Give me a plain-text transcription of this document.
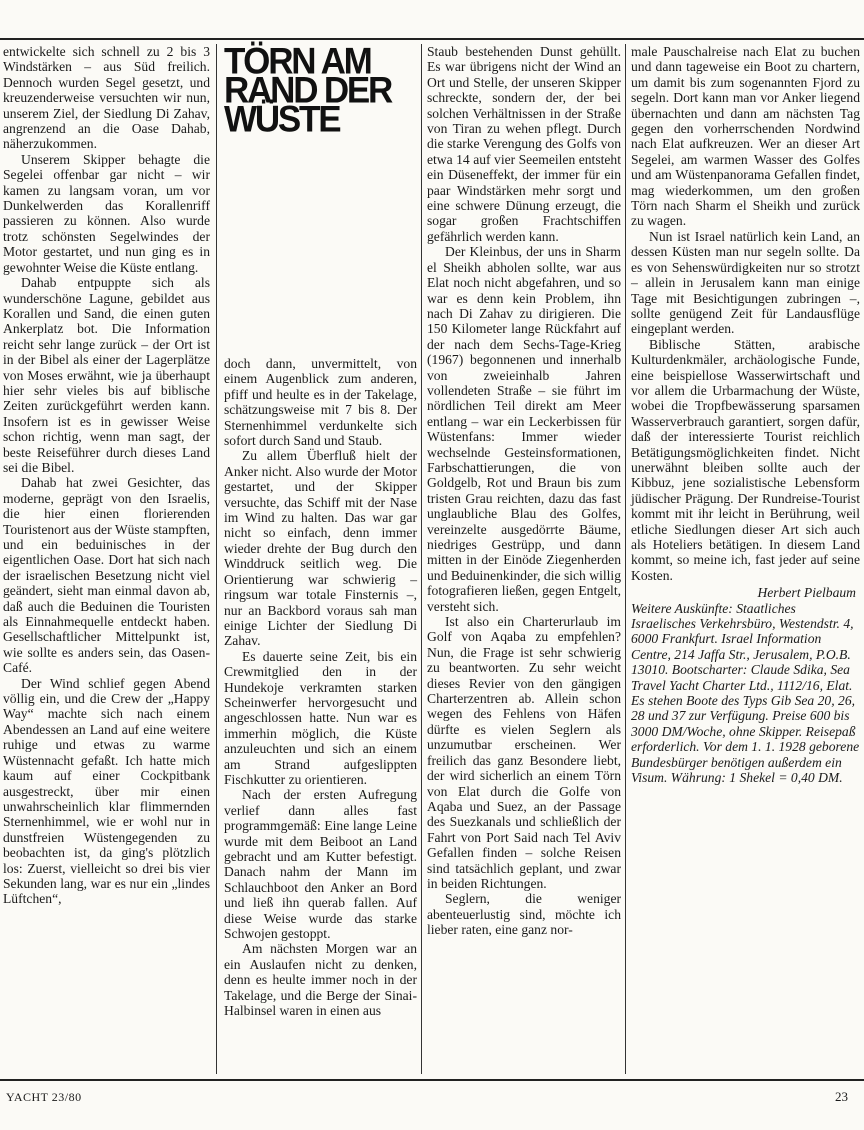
TÖRN AM
RAND DER
WÜSTE

entwickelte sich schnell zu 2 bis 3 Windstärken – aus Süd freilich. Dennoch wurden Segel gesetzt, und kreuzenderweise versuchten wir nun, unserem Ziel, der Siedlung Di Zahav, angrenzend an die Oase Dahab, näherzukommen.

Unserem Skipper behagte die Segelei offenbar gar nicht – wir kamen zu langsam voran, um vor Dunkelwerden das Korallenriff passieren zu können. Also wurde trotz schönsten Segelwindes der Motor gestartet, und nun ging es in gewohnter Weise die Küste entlang.

Dahab entpuppte sich als wunderschöne Lagune, gebildet aus Korallen und Sand, die einen guten Ankerplatz bot. Die Information reicht sehr lange zurück – der Ort ist in der Bibel als einer der Lagerplätze von Moses erwähnt, wie ja überhaupt hier sehr vieles bis auf biblische Zeiten zurückgeführt werden kann. Insofern ist es in gewisser Weise schon richtig, wenn man sagt, der beste Reiseführer durch dieses Land sei die Bibel.

Dahab hat zwei Gesichter, das moderne, geprägt von den Israelis, die hier einen florierenden Touristenort aus der Wüste stampften, und ein beduinisches in der eigentlichen Oase. Dort hat sich nach der israelischen Besetzung nicht viel geändert, sieht man einmal davon ab, daß auch die Beduinen die Touristen als Einnahmequelle entdeckt haben. Gesellschaftlicher Mittelpunkt ist, wie sollte es anders sein, das Oasen-Café.

Der Wind schlief gegen Abend völlig ein, und die Crew der „Happy Way“ machte sich nach einem Abendessen an Land auf eine weitere ruhige und etwas zu warme Wüstennacht gefaßt. Ich hatte mich kaum auf einer Cockpitbank ausgestreckt, über mir einen unwahrscheinlich klar flimmernden Sternenhimmel, wie er wohl nur in dunstfreien Wüstengegenden zu beobachten ist, da ging's plötzlich los: Zuerst, vielleicht so drei bis vier Sekunden lang, war es nur ein „lindes Lüftchen“,

doch dann, unvermittelt, von einem Augenblick zum anderen, pfiff und heulte es in der Takelage, schätzungsweise mit 7 bis 8. Der Sternenhimmel verdunkelte sich sofort durch Sand und Staub.

Zu allem Überfluß hielt der Anker nicht. Also wurde der Motor gestartet, und der Skipper versuchte, das Schiff mit der Nase im Wind zu halten. Das war gar nicht so einfach, denn immer wieder drehte der Bug durch den Winddruck seitlich weg. Die Orientierung war schwierig – ringsum war totale Finsternis –, nur an Backbord voraus sah man einige Lichter der Siedlung Di Zahav.

Es dauerte seine Zeit, bis ein Crewmitglied den in der Hundekoje verkramten starken Scheinwerfer hervorgesucht und angeschlossen hatte. Nun war es immerhin möglich, die Küste anzuleuchten und sich an einem am Strand aufgeslippten Fischkutter zu orientieren.

Nach der ersten Aufregung verlief dann alles fast programmgemäß: Eine lange Leine wurde mit dem Beiboot an Land gebracht und am Kutter befestigt. Danach nahm der Mann im Schlauchboot den Anker an Bord und ließ ihn querab fallen. Auf diese Weise wurde das starke Schwojen gestoppt.

Am nächsten Morgen war an ein Auslaufen nicht zu denken, denn es heulte immer noch in der Takelage, und die Berge der Sinai-Halbinsel waren in einen aus

Staub bestehenden Dunst gehüllt. Es war übrigens nicht der Wind an Ort und Stelle, der unseren Skipper schreckte, sondern der, der bei solchen Verhältnissen in der Straße von Tiran zu wehen pflegt. Durch die starke Verengung des Golfs von etwa 14 auf vier Seemeilen entsteht ein Düseneffekt, der immer für ein paar Windstärken mehr sorgt und eine schwere Dünung erzeugt, die sogar großen Frachtschiffen gefährlich werden kann.

Der Kleinbus, der uns in Sharm el Sheikh abholen sollte, war aus Elat noch nicht abgefahren, und so war es denn kein Problem, ihn nach Di Zahav zu dirigieren. Die 150 Kilometer lange Rückfahrt auf der nach dem Sechs-Tage-Krieg (1967) begonnenen und innerhalb von zweieinhalb Jahren vollendeten Straße – sie führt im nördlichen Teil direkt am Meer entlang – war ein Leckerbissen für Wüstenfans: Immer wieder wechselnde Gesteinsformationen, Farbschattierungen, die von Goldgelb, Rot und Braun bis zum tristen Grau reichten, dazu das fast unglaubliche Blau des Golfes, vereinzelte ausgedörrte Bäume, niedriges Gestrüpp, und dann mitten in der Einöde Ziegenherden und Beduinenkinder, die sich willig fotografieren ließen, gegen Entgelt, versteht sich.

Ist also ein Charterurlaub im Golf von Aqaba zu empfehlen? Nun, die Frage ist sehr schwierig zu beantworten. Zu sehr weicht dieses Revier von den gängigen Charterzentren ab. Allein schon wegen des Fehlens von Häfen dürfte es vielen Seglern als unzumutbar erscheinen. Wer freilich das ganz Besondere liebt, der wird sicherlich an einem Törn von Elat durch die Golfe von Aqaba und Suez, an der Passage des Suezkanals und schließlich der Fahrt von Port Said nach Tel Aviv Gefallen finden – solche Reisen sind tatsächlich geplant, und zwar in beiden Richtungen.

Seglern, die weniger abenteuerlustig sind, möchte ich lieber raten, eine ganz nor-

male Pauschalreise nach Elat zu buchen und dann tageweise ein Boot zu chartern, um damit bis zum sogenannten Fjord zu segeln. Dort kann man vor Anker liegend übernachten und dann am nächsten Tag gegen den vorherrschenden Nordwind nach Elat aufkreuzen. Wer an dieser Art Segelei, am warmen Wasser des Golfes und am Wüstenpanorama Gefallen findet, mag wiederkommen, um den großen Törn nach Sharm el Sheikh und zurück zu wagen.

Nun ist Israel natürlich kein Land, an dessen Küsten man nur segeln sollte. Da es von Sehenswürdigkeiten nur so strotzt – allein in Jerusalem kann man einige Tage mit Besichtigungen zubringen –, sollte genügend Zeit für Landausflüge eingeplant werden.

Biblische Stätten, arabische Kulturdenkmäler, archäologische Funde, eine beispiellose Wasserwirtschaft und vor allem die Urbarmachung der Wüste, wobei die Tropfbewässerung sparsamen Wasserverbrauch garantiert, sorgen dafür, daß der interessierte Tourist reichlich Betätigungsmöglichkeiten findet. Nicht unerwähnt bleiben sollte auch der Kibbuz, jene sozialistische Lebensform jüdischer Prägung. Der Rundreise-Tourist kommt mit ihr leicht in Berührung, weil etliche Siedlungen dieser Art sich auch als Hoteliers betätigen. In diesem Land kommt, so meine ich, fast jeder auf seine Kosten.

Herbert Pielbaum
Weitere Auskünfte: Staatliches Israelisches Verkehrsbüro, Westendstr. 4, 6000 Frankfurt. Israel Information Centre, 214 Jaffa Str., Jerusalem, P.O.B. 13010. Bootscharter: Claude Sdika, Sea Travel Yacht Charter Ltd., 1112/16, Elat. Es stehen Boote des Typs Gib Sea 20, 26, 28 und 37 zur Verfügung. Preise 600 bis 3000 DM/Woche, ohne Skipper. Reisepaß erforderlich. Vor dem 1. 1. 1928 geborene Bundesbürger benötigen außerdem ein Visum. Währung: 1 Shekel = 0,40 DM.
YACHT 23/80	23
